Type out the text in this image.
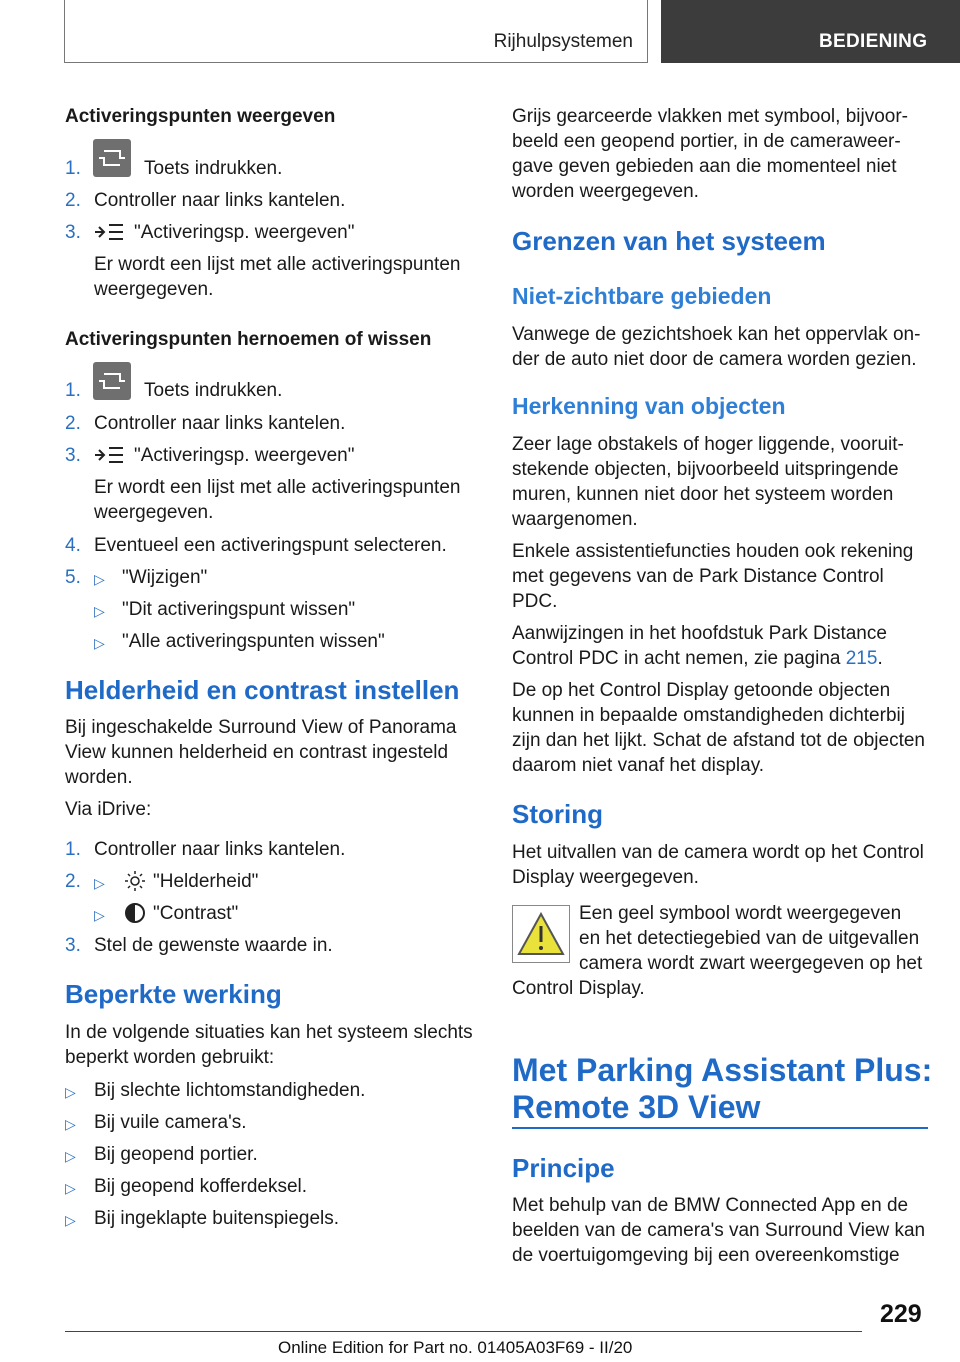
Rijhulpsystemen	BEDIENING
Activeringspunten weergeven
1.	Toets indrukken.
2. Controller naar links kantelen.
3.	"Activeringsp. weergeven"
Er wordt een lijst met alle activeringspunten
weergegeven.
Activeringspunten hernoemen of wissen
1.	Toets indrukken.
2. Controller naar links kantelen.
3.	"Activeringsp. weergeven"
Er wordt een lijst met alle activeringspunten
weergegeven.
4. Eventueel een activeringspunt selecteren.
5. ▷ "Wijzigen"
▷ "Dit activeringspunt wissen"
▷ "Alle activeringspunten wissen"
Helderheid en contrast instellen
Bij ingeschakelde Surround View of Panorama
View kunnen helderheid en contrast ingesteld
worden.
Via iDrive:
1. Controller naar links kantelen.
2. ▷	"Helderheid"
▷	"Contrast"
3. Stel de gewenste waarde in.
Beperkte werking
In de volgende situaties kan het systeem slechts
beperkt worden gebruikt:
▷ Bij slechte lichtomstandigheden.
▷ Bij vuile camera's.
▷ Bij geopend portier.
▷ Bij geopend kofferdeksel.
▷ Bij ingeklapte buitenspiegels.
Grijs gearceerde vlakken met symbool, bijvoor-
beeld een geopend portier, in de cameraweer-
gave geven gebieden aan die momenteel niet
worden weergegeven.
Grenzen van het systeem
Niet-zichtbare gebieden
Vanwege de gezichtshoek kan het oppervlak on-
der de auto niet door de camera worden gezien.
Herkenning van objecten
Zeer lage obstakels of hoger liggende, vooruit-
stekende objecten, bijvoorbeeld uitspringende
muren, kunnen niet door het systeem worden
waargenomen.
Enkele assistentiefuncties houden ook rekening
met gegevens van de Park Distance Control
PDC.
Aanwijzingen in het hoofdstuk Park Distance
Control PDC in acht nemen, zie pagina 215.
De op het Control Display getoonde objecten
kunnen in bepaalde omstandigheden dichterbij
zijn dan het lijkt. Schat de afstand tot de objecten
daarom niet vanaf het display.
Storing
Het uitvallen van de camera wordt op het Control
Display weergegeven.
Een geel symbool wordt weergegeven
en het detectiegebied van de uitgevallen
camera wordt zwart weergegeven op het
Control Display.
Met Parking Assistant Plus:
Remote 3D View
Principe
Met behulp van de BMW Connected App en de
beelden van de camera's van Surround View kan
de voertuigomgeving bij een overeenkomstige
229
Online Edition for Part no. 01405A03F69 - II/20
